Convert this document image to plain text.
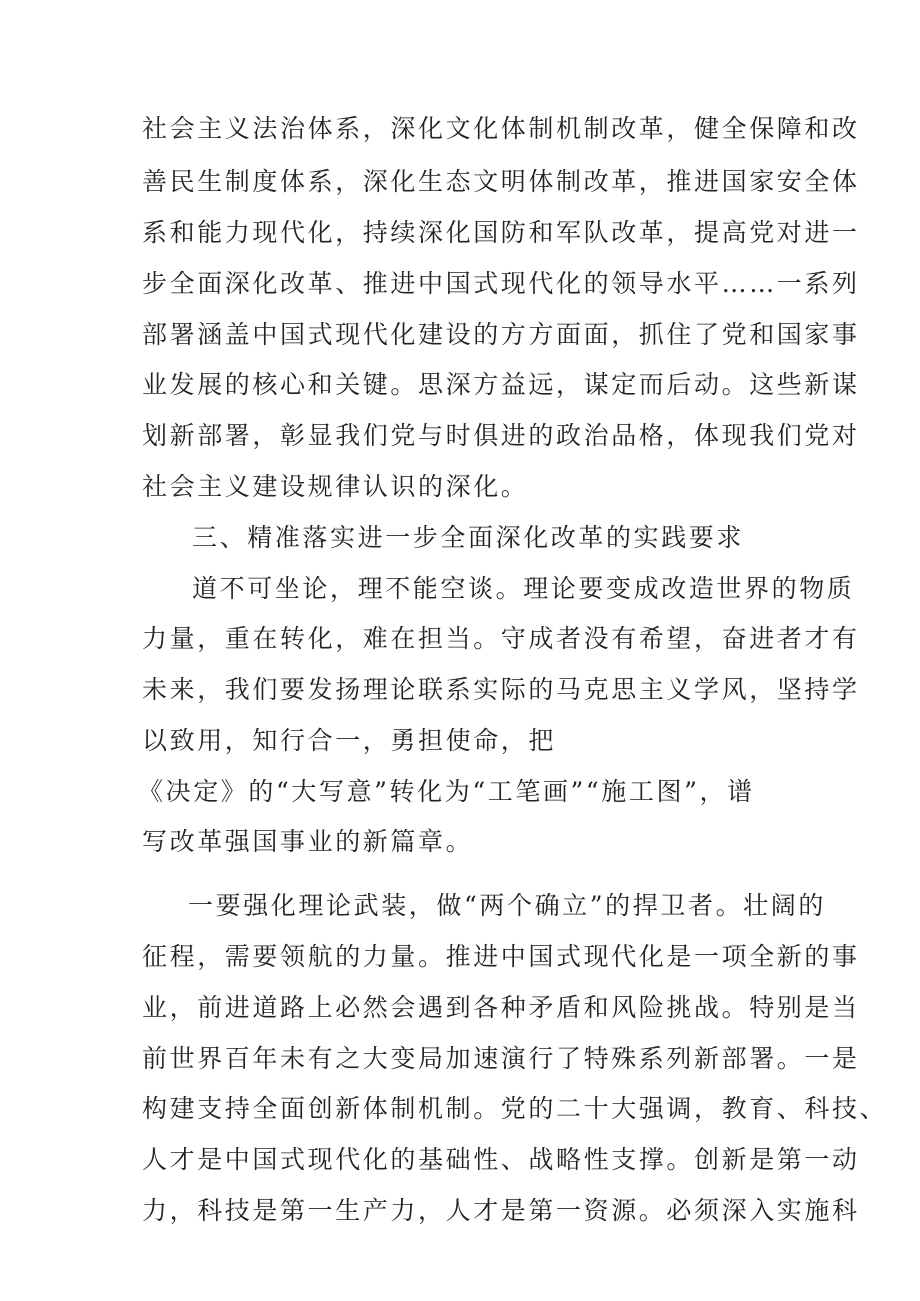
社会主义法治体系，深化文化体制机制改革，健全保障和改
善民生制度体系，深化生态文明体制改革，推进国家安全体
系和能力现代化，持续深化国防和军队改革，提高党对进一
步全面深化改革、推进中国式现代化的领导水平……一系列
部署涵盖中国式现代化建设的方方面面，抓住了党和国家事
业发展的核心和关键。思深方益远，谋定而后动。这些新谋
划新部署，彰显我们党与时俱进的政治品格，体现我们党对
社会主义建设规律认识的深化。
三、精准落实进一步全面深化改革的实践要求
道不可坐论，理不能空谈。理论要变成改造世界的物质
力量，重在转化，难在担当。守成者没有希望，奋进者才有
未来，我们要发扬理论联系实际的马克思主义学风，坚持学
以致用，知行合一，勇担使命，把
《决定》的“大写意”转化为“工笔画”“施工图”，谱
写改革强国事业的新篇章。
一要强化理论武装，做“两个确立”的捍卫者。壮阔的
征程，需要领航的力量。推进中国式现代化是一项全新的事
业，前进道路上必然会遇到各种矛盾和风险挑战。特别是当
前世界百年未有之大变局加速演行了特殊系列新部署。一是
构建支持全面创新体制机制。党的二十大强调，教育、科技、
人才是中国式现代化的基础性、战略性支撑。创新是第一动
力，科技是第一生产力，人才是第一资源。必须深入实施科
